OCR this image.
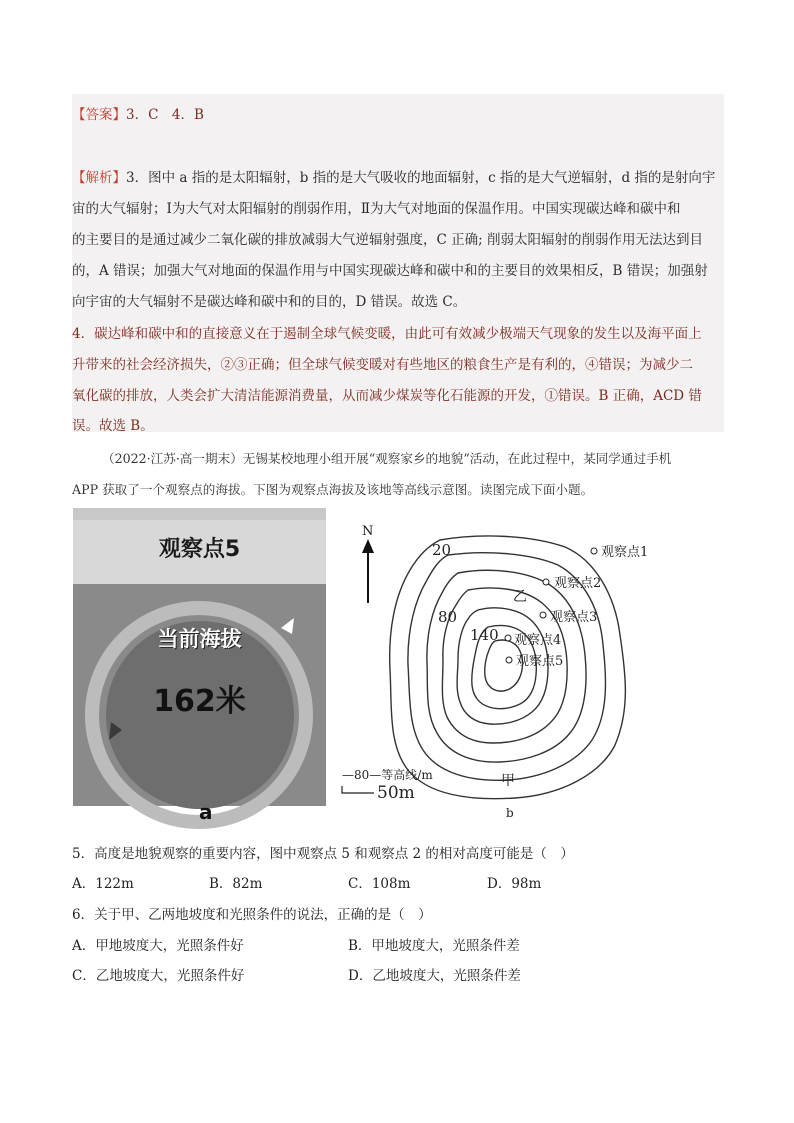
【答案】3．C　4．B
【解析】3．图中 a 指的是太阳辐射，b 指的是大气吸收的地面辐射，c 指的是大气逆辐射，d 指的是射向宇
宙的大气辐射；Ⅰ为大气对太阳辐射的削弱作用，Ⅱ为大气对地面的保温作用。中国实现碳达峰和碳中和
的主要目的是通过减少二氧化碳的排放减弱大气逆辐射强度，C 正确; 削弱太阳辐射的削弱作用无法达到目
的，A 错误；加强大气对地面的保温作用与中国实现碳达峰和碳中和的主要目的效果相反，B 错误；加强射
向宇宙的大气辐射不是碳达峰和碳中和的目的，D 错误。故选 C。
4．碳达峰和碳中和的直接意义在于遏制全球气候变暖，由此可有效减少极端天气现象的发生以及海平面上
升带来的社会经济损失，②③正确；但全球气候变暖对有些地区的粮食生产是有利的，④错误；为减少二
氧化碳的排放，人类会扩大清洁能源消费量，从而减少煤炭等化石能源的开发，①错误。B 正确，ACD 错
误。故选 B。
（2022·江苏·高一期末）无锡某校地理小组开展“观察家乡的地貌”活动，在此过程中，某同学通过手机
APP 获取了一个观察点的海拔。下图为观察点海拔及该地等高线示意图。读图完成下面小题。
观察点5
当前海拔
162米
a
N
20
80
140
观察点1
观察点2
观察点3
观察点4
观察点5
乙
甲
—80—等高线/m
50m
b
5．高度是地貌观察的重要内容，图中观察点 5 和观察点 2 的相对高度可能是（　）
A．122m	B．82m	C．108m	D．98m
6．关于甲、乙两地坡度和光照条件的说法，正确的是（　）
A．甲地坡度大，光照条件好	B．甲地坡度大，光照条件差
C．乙地坡度大，光照条件好	D．乙地坡度大，光照条件差
